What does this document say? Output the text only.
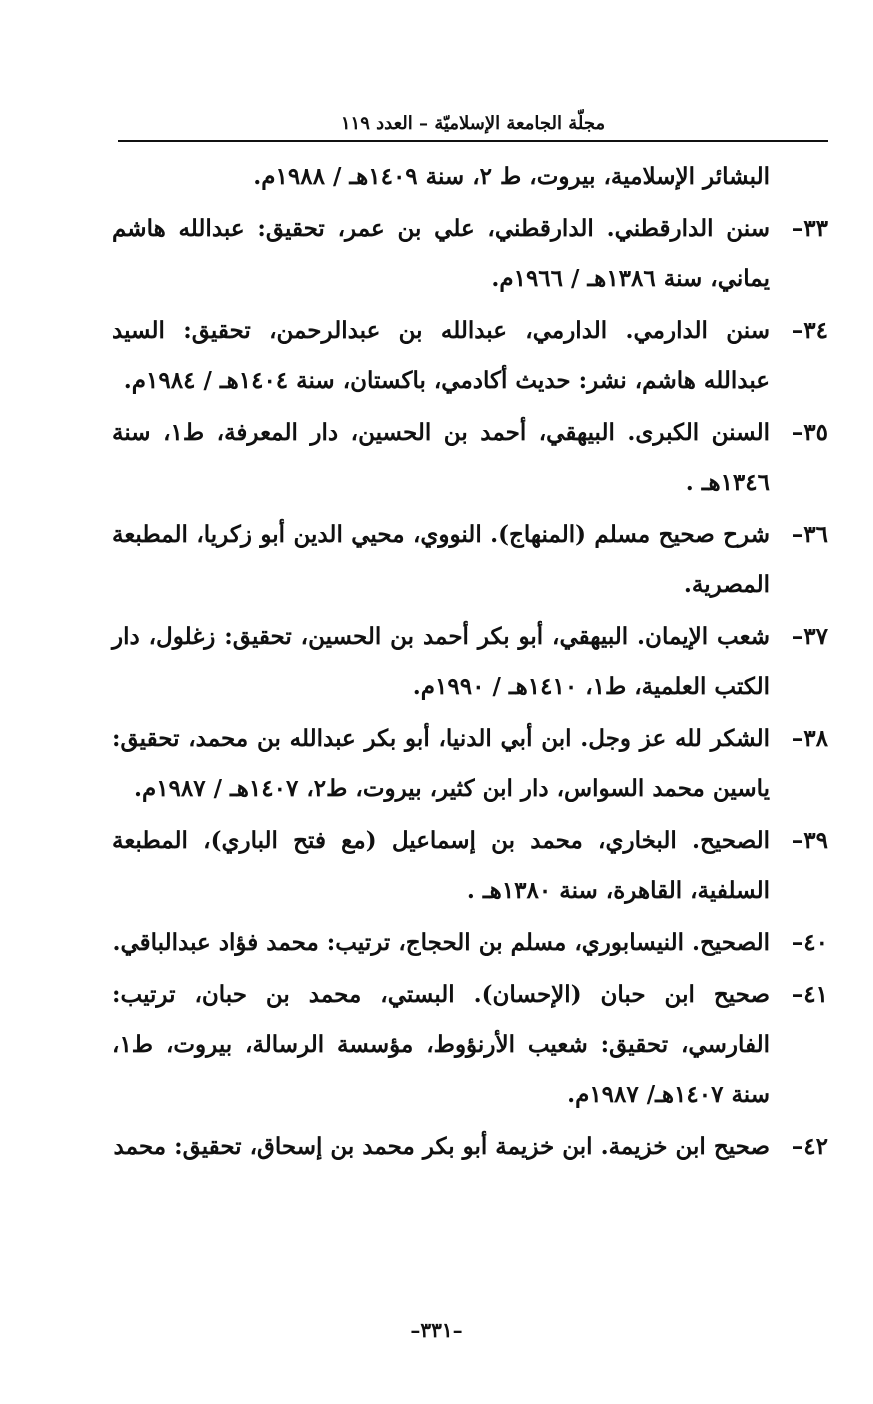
مجلّة الجامعة الإسلاميّة – العدد ١١٩
البشائر الإسلامية، بيروت، ط ٢، سنة ١٤٠٩هـ / ١٩٨٨م.
٣٣–
سنن الدارقطني. الدارقطني، علي بن عمر، تحقيق: عبدالله هاشم يماني، سنة ١٣٨٦هـ / ١٩٦٦م.
٣٤–
سنن الدارمي. الدارمي، عبدالله بن عبدالرحمن، تحقيق: السيد عبدالله هاشم، نشر: حديث أكادمي، باكستان، سنة ١٤٠٤هـ / ١٩٨٤م.
٣٥–
السنن الكبرى. البيهقي، أحمد بن الحسين، دار المعرفة، ط١، سنة ١٣٤٦هـ .
٣٦–
شرح صحيح مسلم (المنهاج). النووي، محيي الدين أبو زكريا، المطبعة المصرية.
٣٧–
شعب الإيمان. البيهقي، أبو بكر أحمد بن الحسين، تحقيق: زغلول، دار الكتب العلمية، ط١، ١٤١٠هـ / ١٩٩٠م.
٣٨–
الشكر لله عز وجل. ابن أبي الدنيا، أبو بكر عبدالله بن محمد، تحقيق: ياسين محمد السواس، دار ابن كثير، بيروت، ط٢، ١٤٠٧هـ / ١٩٨٧م.
٣٩–
الصحيح. البخاري، محمد بن إسماعيل (مع فتح الباري)، المطبعة السلفية، القاهرة، سنة ١٣٨٠هـ .
٤٠–
الصحيح. النيسابوري، مسلم بن الحجاج، ترتيب: محمد فؤاد عبدالباقي.
٤١–
صحيح ابن حبان (الإحسان). البستي، محمد بن حبان، ترتيب: الفارسي، تحقيق: شعيب الأرنؤوط، مؤسسة الرسالة، بيروت، ط١، سنة ١٤٠٧هـ/ ١٩٨٧م.
٤٢–
صحيح ابن خزيمة. ابن خزيمة أبو بكر محمد بن إسحاق، تحقيق: محمد
–٣٣١–
